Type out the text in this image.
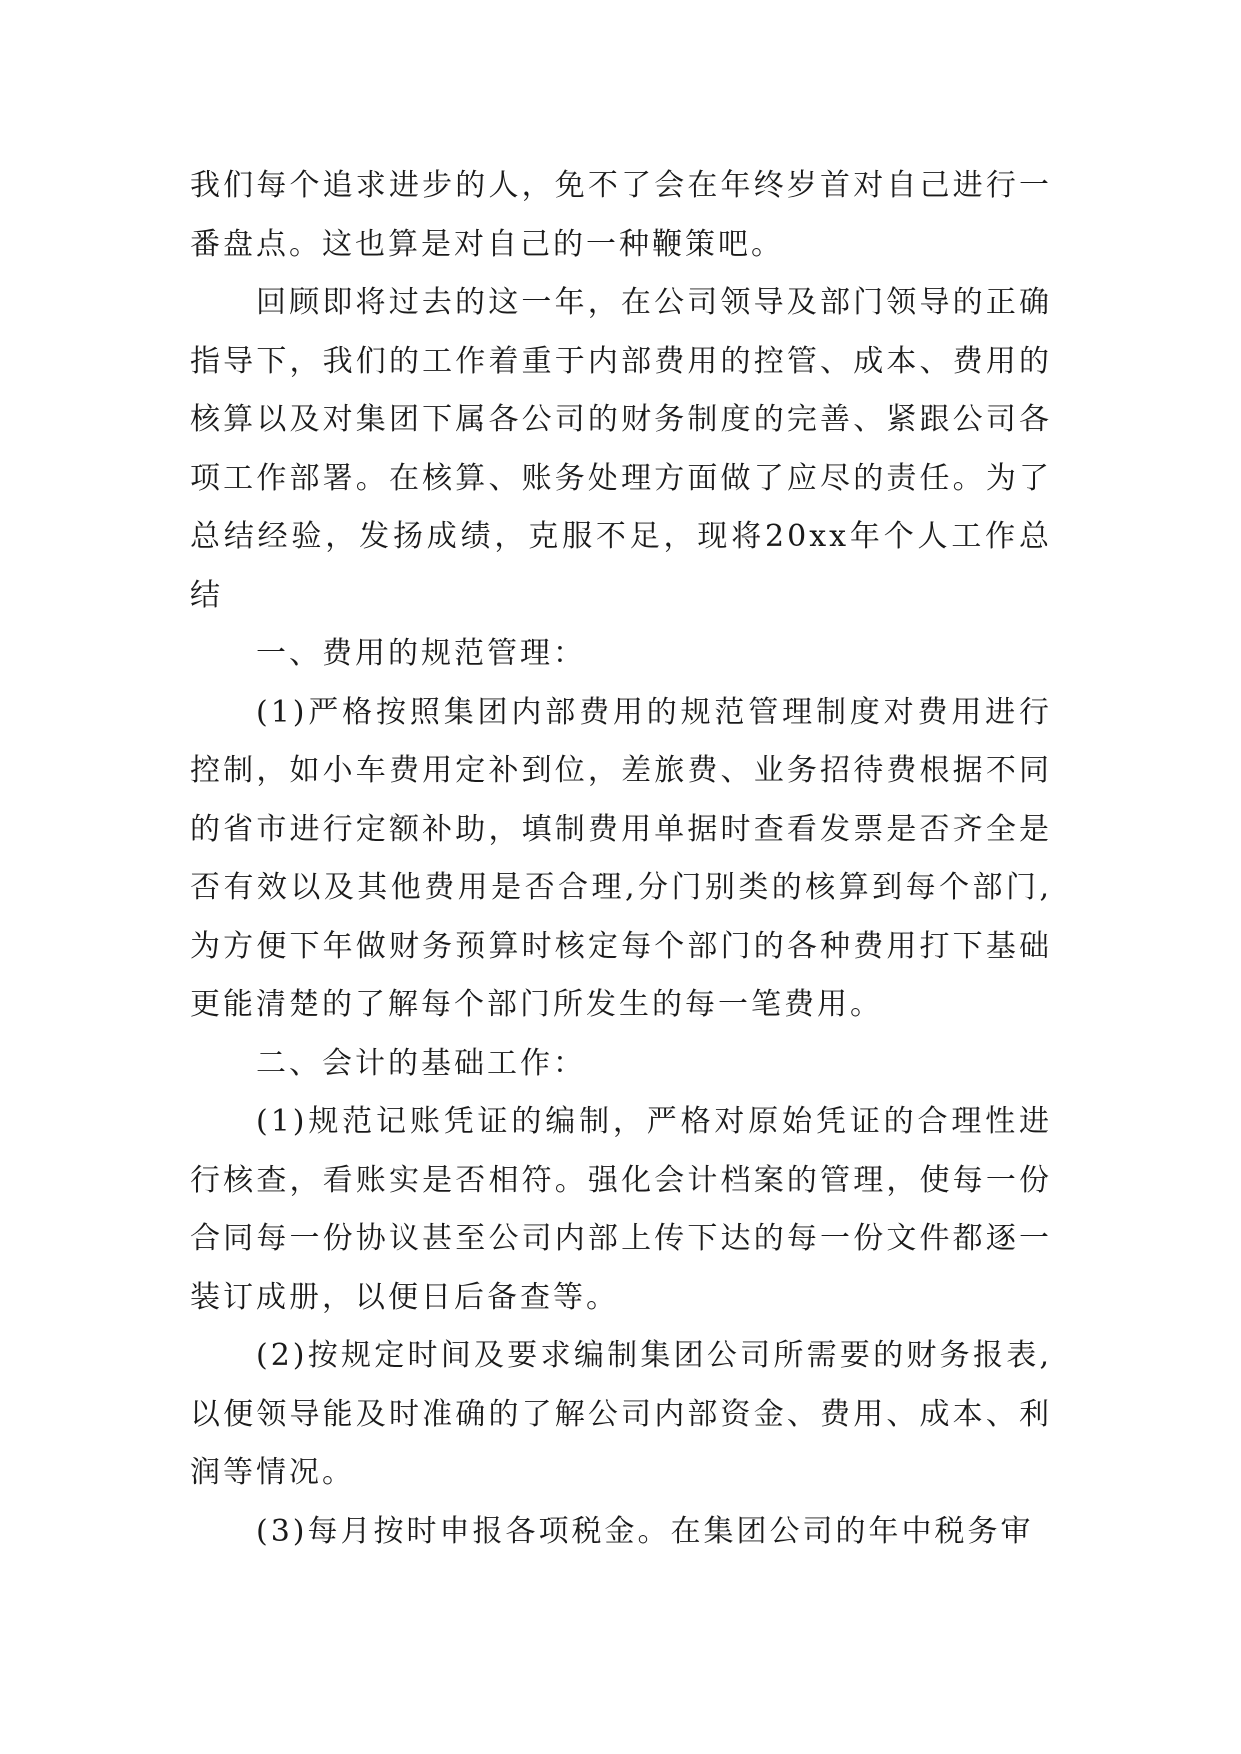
我们每个追求进步的人，免不了会在年终岁首对自己进行一番盘点。这也算是对自己的一种鞭策吧。

回顾即将过去的这一年，在公司领导及部门领导的正确指导下，我们的工作着重于内部费用的控管、成本、费用的核算以及对集团下属各公司的财务制度的完善、紧跟公司各项工作部署。在核算、账务处理方面做了应尽的责任。为了总结经验，发扬成绩，克服不足，现将20xx年个人工作总结

一、费用的规范管理：

(1)严格按照集团内部费用的规范管理制度对费用进行控制，如小车费用定补到位，差旅费、业务招待费根据不同的省市进行定额补助，填制费用单据时查看发票是否齐全是否有效以及其他费用是否合理,分门别类的核算到每个部门,为方便下年做财务预算时核定每个部门的各种费用打下基础更能清楚的了解每个部门所发生的每一笔费用。

二、会计的基础工作：

(1)规范记账凭证的编制，严格对原始凭证的合理性进行核查，看账实是否相符。强化会计档案的管理，使每一份合同每一份协议甚至公司内部上传下达的每一份文件都逐一装订成册，以便日后备查等。

(2)按规定时间及要求编制集团公司所需要的财务报表,以便领导能及时准确的了解公司内部资金、费用、成本、利润等情况。

(3)每月按时申报各项税金。在集团公司的年中税务审
